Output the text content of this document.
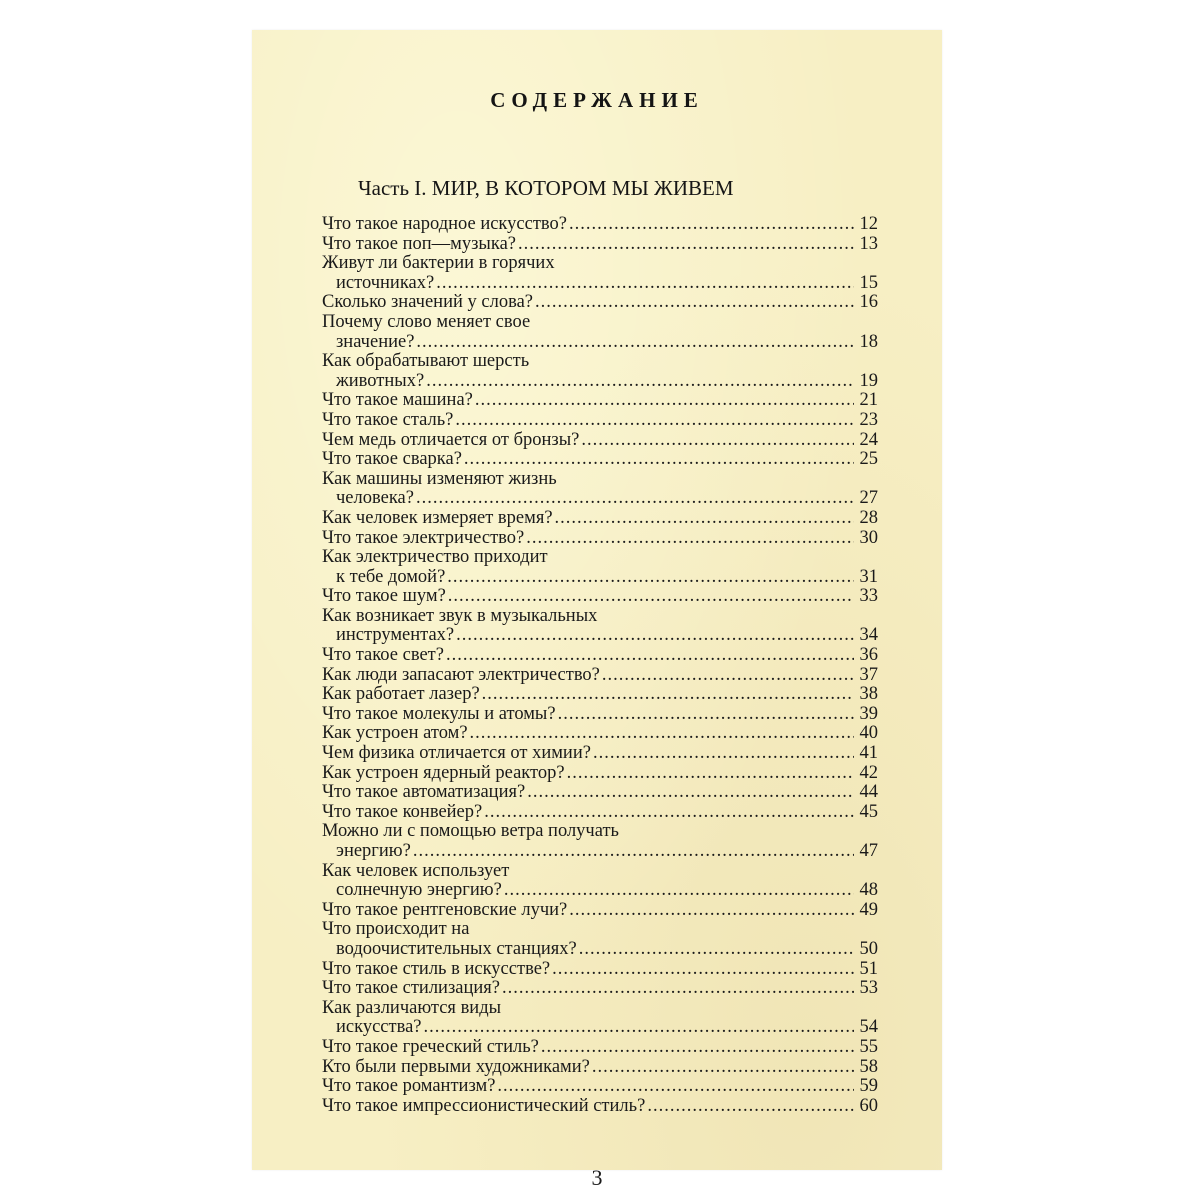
СОДЕРЖАНИЕ
Часть I. МИР, В КОТОРОМ МЫ ЖИВЕМ
Что такое народное искусство? .....	12
Что такое поп—музыка? .....	13
Живут ли бактерии в горячих
источниках? .....	15
Сколько значений у слова? .....	16
Почему слово меняет свое
значение? .....	18
Как обрабатывают шерсть
животных? .....	19
Что такое машина? .....	21
Что такое сталь? .....	23
Чем медь отличается от бронзы? .....	24
Что такое сварка? .....	25
Как машины изменяют жизнь
человека? .....	27
Как человек измеряет время? .....	28
Что такое электричество? .....	30
Как электричество приходит
к тебе домой? .....	31
Что такое шум? .....	33
Как возникает звук в музыкальных
инструментах? .....	34
Что такое свет? .....	36
Как люди запасают электричество? .....	37
Как работает лазер? .....	38
Что такое молекулы и атомы? .....	39
Как устроен атом? .....	40
Чем физика отличается от химии? .....	41
Как устроен ядерный реактор? .....	42
Что такое автоматизация? .....	44
Что такое конвейер? .....	45
Можно ли с помощью ветра получать
энергию? .....	47
Как человек использует
солнечную энергию? .....	48
Что такое рентгеновские лучи? .....	49
Что происходит на
водоочистительных станциях? .....	50
Что такое стиль в искусстве? .....	51
Что такое стилизация? .....	53
Как различаются виды
искусства? .....	54
Что такое греческий стиль? .....	55
Кто были первыми художниками? .....	58
Что такое романтизм? .....	59
Что такое импрессионистический стиль? .....	60
3
